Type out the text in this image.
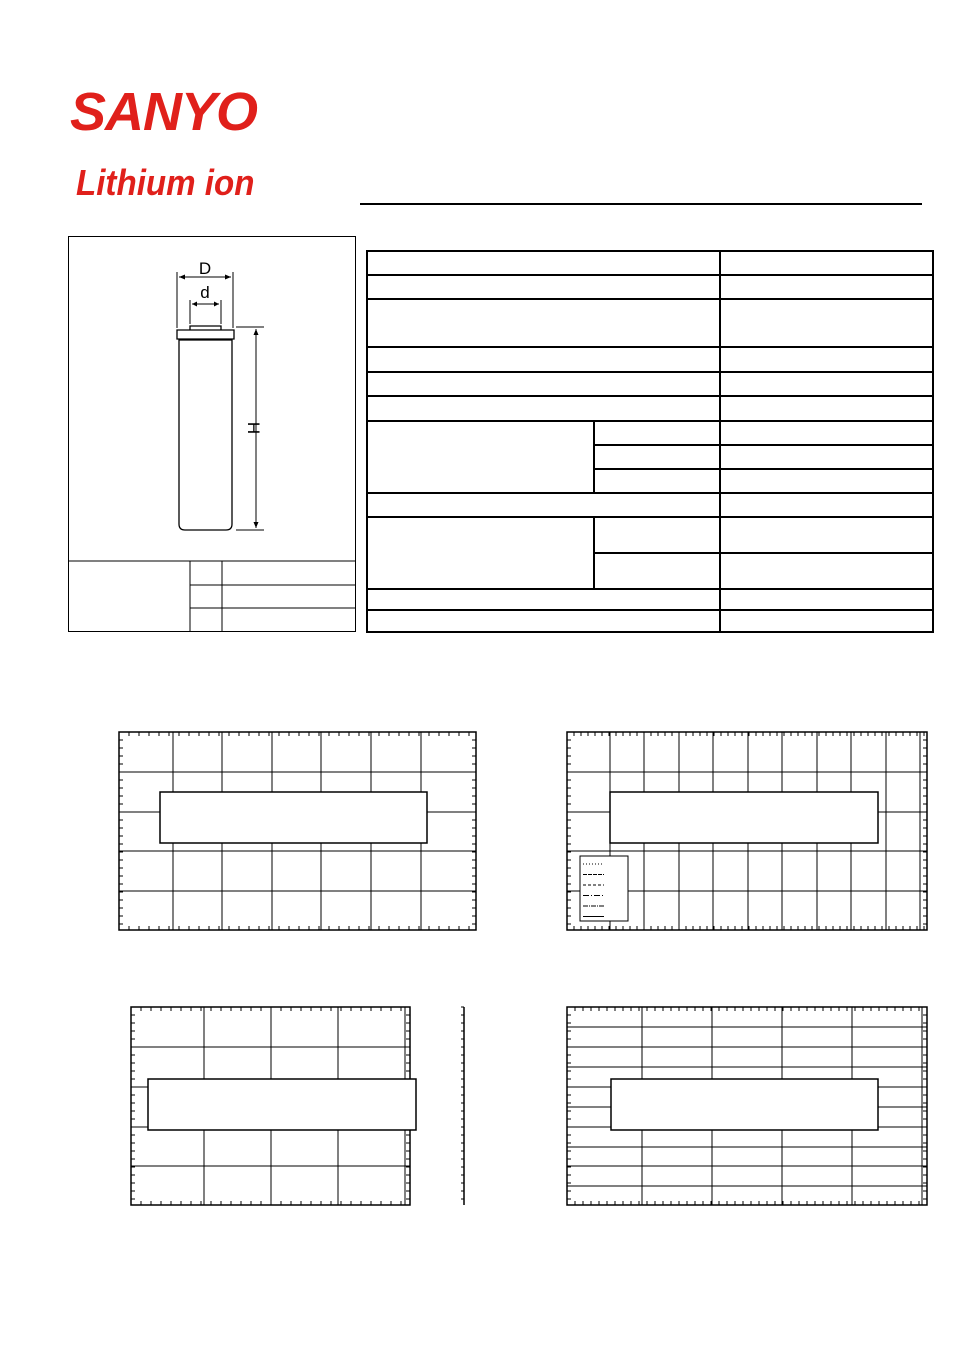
SANYO
Lithium ion
D
d
H
